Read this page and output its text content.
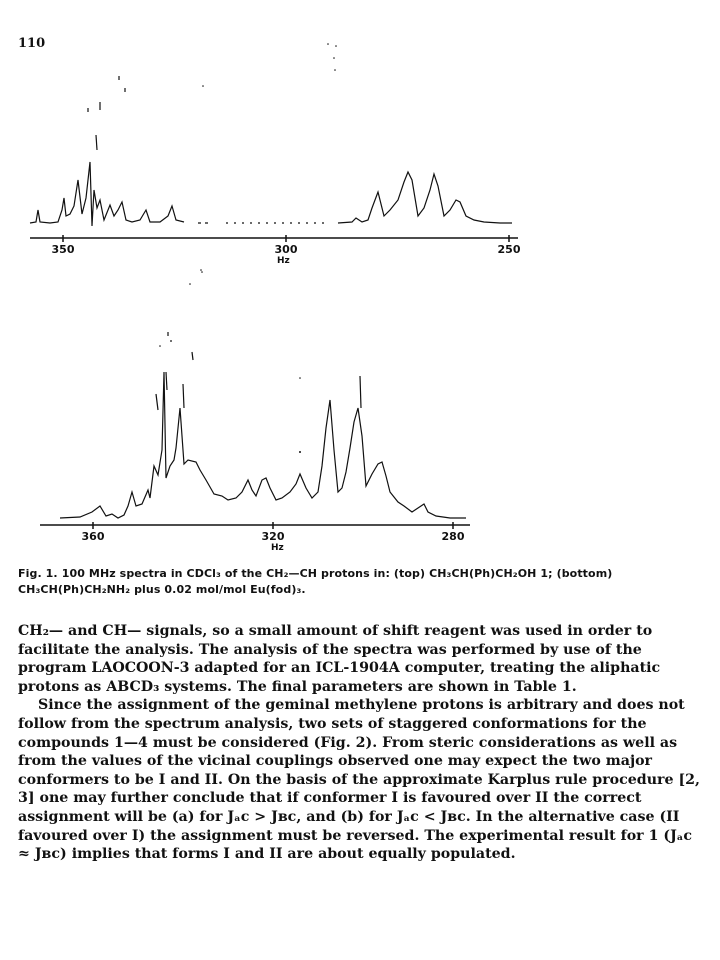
110
350	300	250
Hz
360	320	280
Hz
Fig. 1. 100 MHz spectra in CDCl₃ of the CH₂—CH protons in: (top) CH₃CH(Ph)CH₂OH 1; (bottom) CH₃CH(Ph)CH₂NH₂ plus 0.02 mol/mol Eu(fod)₃.

CH₂— and CH— signals, so a small amount of shift reagent was used in order to facilitate the analysis. The analysis of the spectra was performed by use of the program LAOCOON-3 adapted for an ICL-1904A computer, treating the aliphatic protons as ABCD₃ systems. The final parameters are shown in Table 1.

Since the assignment of the geminal methylene protons is arbitrary and does not follow from the spectrum analysis, two sets of staggered conformations for the compounds 1—4 must be considered (Fig. 2). From steric considerations as well as from the values of the vicinal couplings observed one may expect the two major conformers to be I and II. On the basis of the approximate Karplus rule procedure [2, 3] one may further conclude that if conformer I is favoured over II the correct assignment will be (a) for Jₐc > Jʙc, and (b) for Jₐc < Jʙc. In the alternative case (II favoured over I) the assignment must be reversed. The experimental result for 1 (Jₐc ≈ Jʙc) implies that forms I and II are about equally populated.
